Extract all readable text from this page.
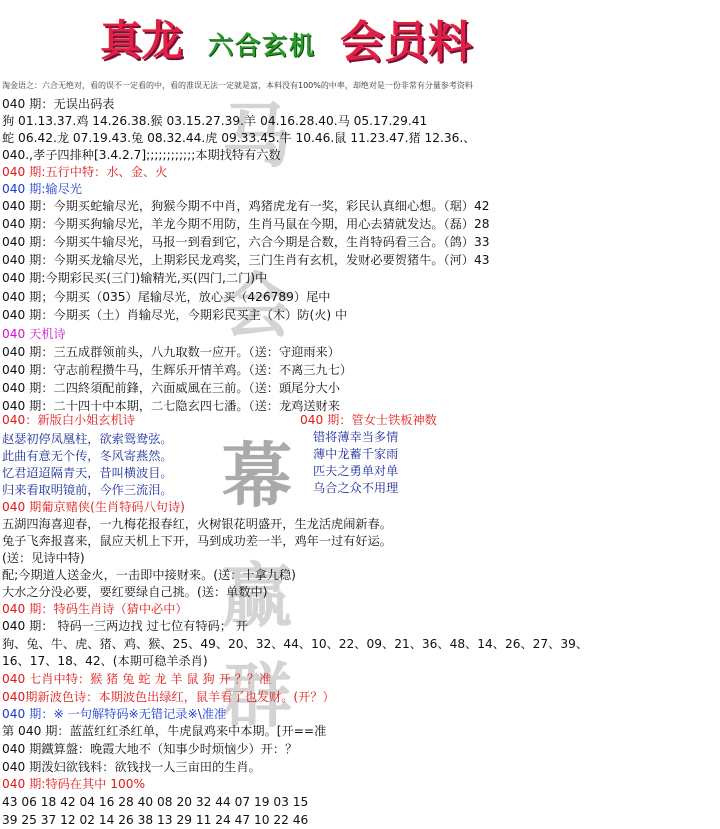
真龙 六合玄机 会员料
淘金语之：六合无绝对，看的误不一定看的中，看的准误无法一定就是富，本料没有100%的中率，却绝对是一份非常有分量参考资料
马
会
幕
赢
群
040 期：无误出码表
狗 01.13.37.鸡 14.26.38.猴 03.15.27.39.羊 04.16.28.40.马 05.17.29.41
蛇 06.42.龙 07.19.43.兔 08.32.44.虎 09.33.45.牛 10.46.鼠 11.23.47.猪 12.36.、
040.,孝子四排种[3.4.2.7];;;;;;;;;;;;本期找特有六数
040 期:五行中特：水、金、火
040 期:输尽光
040 期：今期买蛇输尽光，狗猴今期不中肖，鸡猪虎龙有一奖，彩民认真细心想。（琚）42
040 期：今期买狗输尽光，羊龙今期不用防，生肖马鼠在今期，用心去猜就发达。（磊）28
040 期：今期买牛输尽光，马报一到看到它，六合今期是合数，生肖特码看三合。（鸽）33
040 期：今期买龙输尽光，上期彩民龙鸡奖，三门生肖有玄机，发财必要贺猪牛。（河）43
040 期:今期彩民买(三门)输精光,买(四门,二门)中
040 期；今期买（035）尾输尽光，放心买（426789）尾中
040 期：今期买（土）肖输尽光，今期彩民买主（木）防(火) 中
040 天机诗
040 期：三五成群领前头，八九取数一应开。（送：守迎雨来）
040 期：守志前程攒牛马，生辉乐开情羊鸡。（送：不离三九七）
040 期：二四終須配前鋒，六面威風在三前。（送：頭尾分大小
040 期：二十四十中本期，二七隐玄四七潘。（送：龙鸡送财来
赵瑟初停凤凰柱，欲索鸳鸯弦。
此曲有意无个传，冬风寄燕然。
忆君迢迢隔青天，昔叫横波目。
归来看取明镜前，今作三流泪。
040 期葡京赌侠(生肖特码八句诗)
五湖四海喜迎春，一九梅花报春红，火树银花明盛开，生龙活虎闹新春。
兔子飞奔报喜来，鼠应天机上下开，马到成功差一半，鸡年一过有好运。
(送：见诗中特)
配;今期道人送金火，一击即中接财来。(送：十拿九稳)
大水之分没必要，要红要绿自己挑。(送：单数中)
040 期：特码生肖诗（猜中必中）
040 期： 特码一三两边找 过七位有特码； 开
狗、兔、牛、虎、猪、鸡、猴、25、49、20、32、44、10、22、09、21、36、48、14、26、27、39、
16、17、18、42、(本期可稳羊杀肖)
040 七肖中特：猴 猪 兔 蛇 龙 羊 鼠 狗 开 ？？准
040期新波色诗：本期波色出绿红，鼠羊看了也发财。(开？）
040 期：※ 一句解特码※无错记录※\准准
第 040 期：蓝蓝红红杀红单，牛虎鼠鸡来中本期。[开==准
040 期鐵算盤：晚霞大地不（知事少时烦恼少）开：？
040 期泼妇欲钱料：欲钱找一人三亩田的生肖。
040 期:特码在其中 100%
43 06 18 42 04 16 28 40 08 20 32 44 07 19 03 15
39 25 37 12 02 14 26 38 13 29 11 24 47 10 22 46
040：新版白小姐玄机诗	040 期：管女士铁板神数
错将薄幸当多情
薄中龙蓄千家雨
匹夫之勇单对单
乌合之众不用理
